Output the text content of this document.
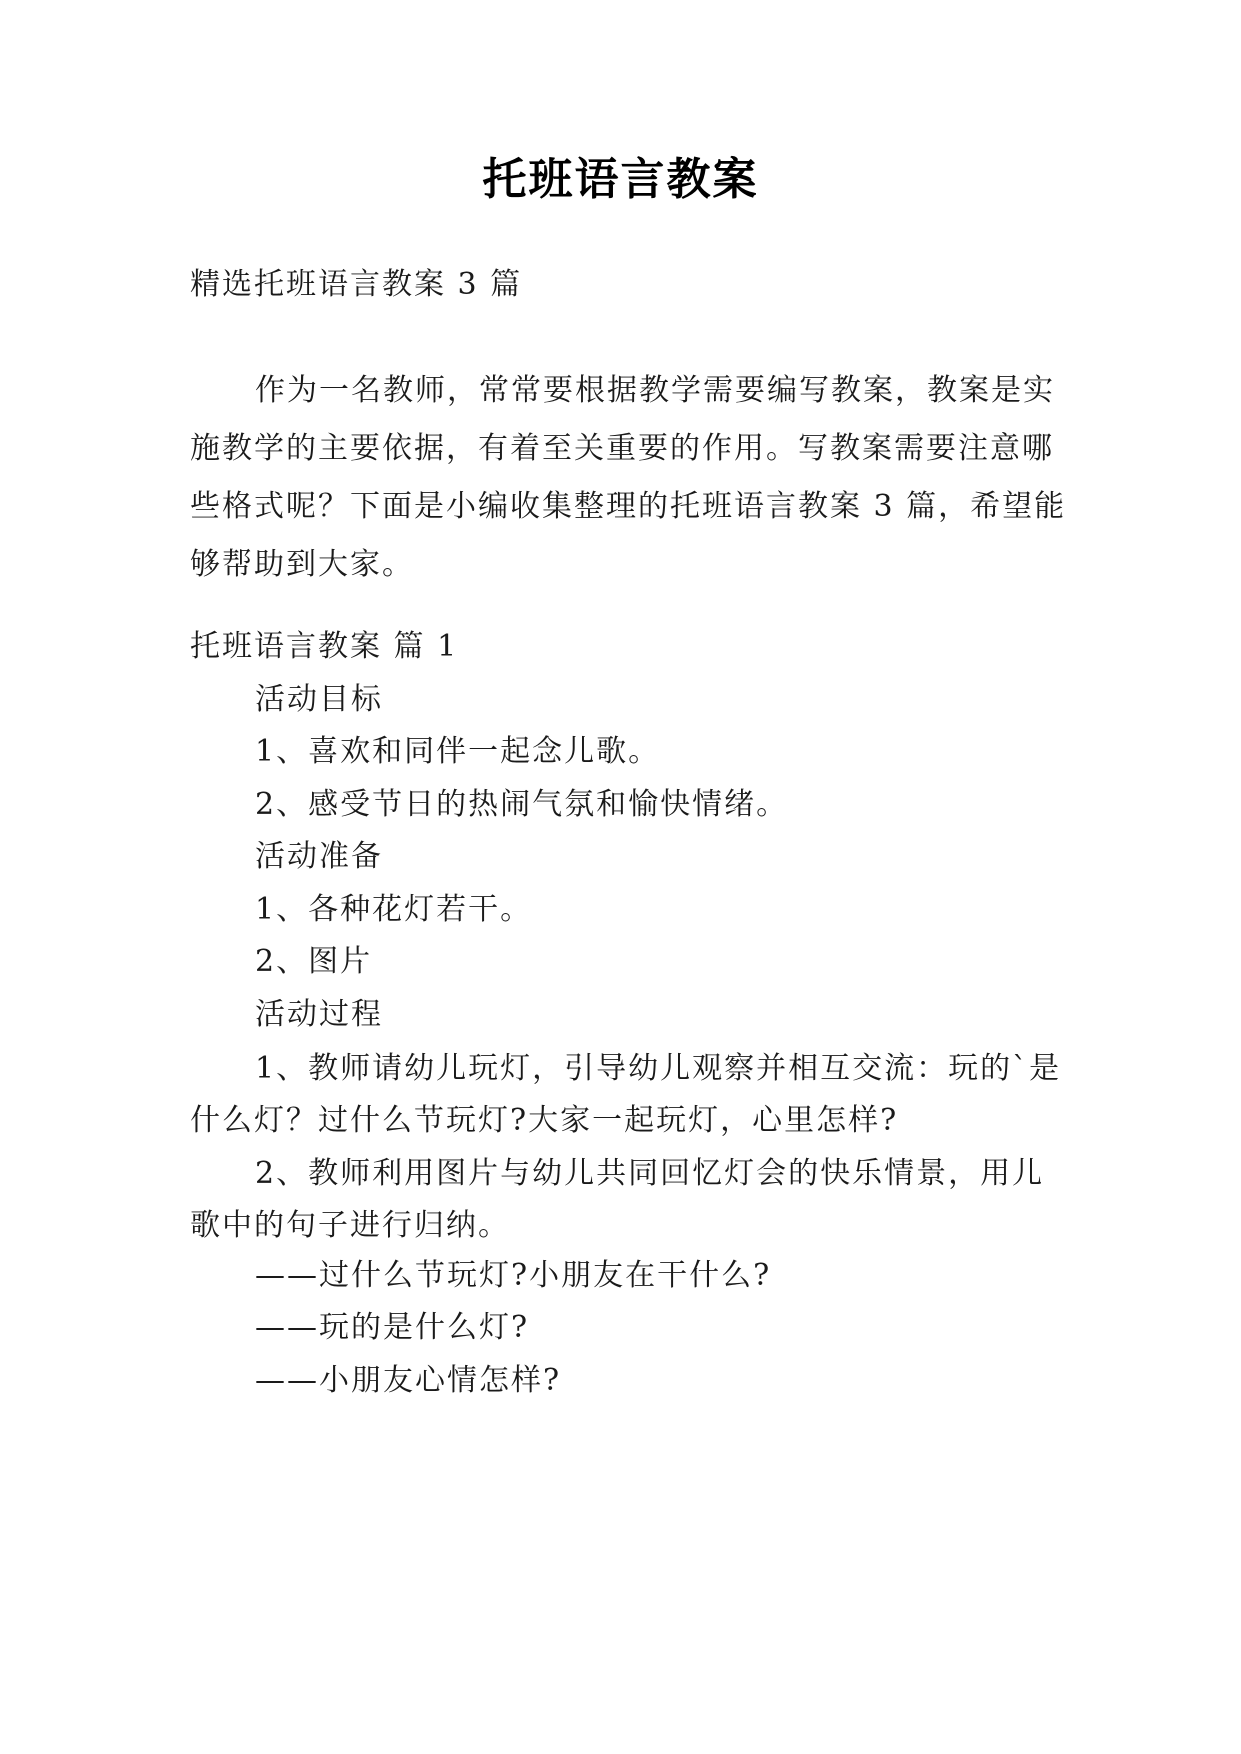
托班语言教案
精选托班语言教案 3 篇
作为一名教师，常常要根据教学需要编写教案，教案是实施教学的主要依据，有着至关重要的作用。写教案需要注意哪些格式呢？下面是小编收集整理的托班语言教案 3 篇，希望能够帮助到大家。
托班语言教案 篇 1
活动目标
1、喜欢和同伴一起念儿歌。
2、感受节日的热闹气氛和愉快情绪。
活动准备
1、各种花灯若干。
2、图片
活动过程
1、教师请幼儿玩灯，引导幼儿观察并相互交流：玩的`是什么灯？过什么节玩灯?大家一起玩灯，心里怎样?
2、教师利用图片与幼儿共同回忆灯会的快乐情景，用儿歌中的句子进行归纳。
——过什么节玩灯?小朋友在干什么?
——玩的是什么灯?
——小朋友心情怎样?
